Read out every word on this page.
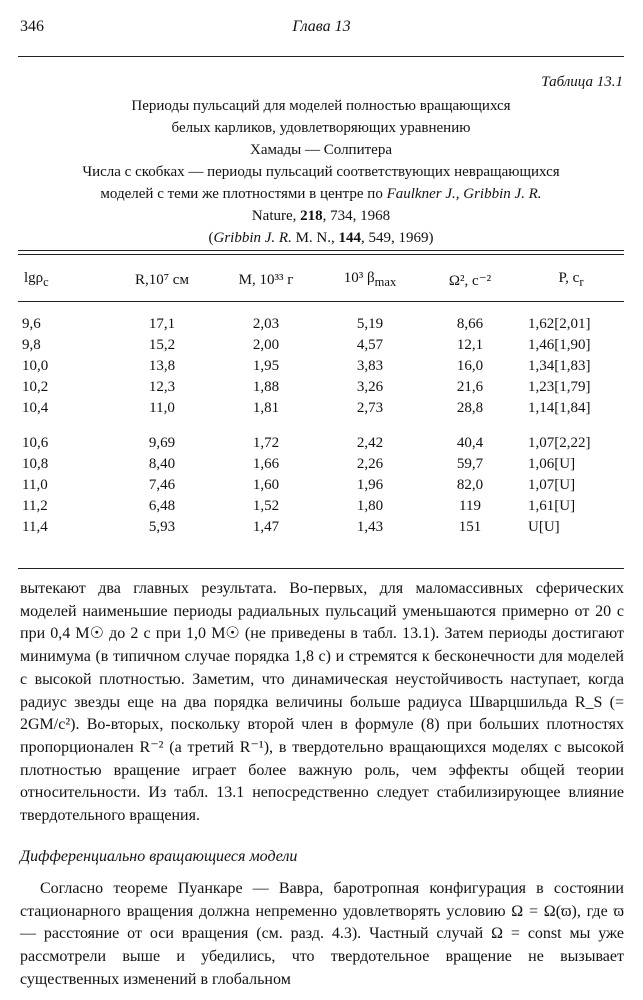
346	Глава 13
Таблица 13.1
Периоды пульсаций для моделей полностью вращающихся
белых карликов, удовлетворяющих уравнению
Хамады — Солпитера
Числа с скобках — периоды пульсаций соответствующих невращающихся
моделей с теми же плотностями в центре по Faulkner J., Gribbin J. R.
Nature, 218, 734, 1968
(Gribbin J. R. M. N., 144, 549, 1969)
lgρ$_c$	R,10⁷ см	M, 10³³ г	10³ $\beta_{max}$	Ω², с⁻²	P, $с_r$

9,6	17,1	2,03	5,19	8,66	1,62[2,01]
9,8	15,2	2,00	4,57	12,1	1,46[1,90]
10,0	13,8	1,95	3,83	16,0	1,34[1,83]
10,2	12,3	1,88	3,26	21,6	1,23[1,79]
10,4	11,0	1,81	2,73	28,8	1,14[1,84]

10,6	9,69	1,72	2,42	40,4	1,07[2,22]
10,8	8,40	1,66	2,26	59,7	1,06[U]
11,0	7,46	1,60	1,96	82,0	1,07[U]
11,2	6,48	1,52	1,80	119	1,61[U]
11,4	5,93	1,47	1,43	151	U[U]
вытекают два главных результата. Во-первых, для маломассивных сферических моделей наименьшие периоды радиальных пульсаций уменьшаются примерно от 20 с при 0,4 M☉ до 2 с при 1,0 M☉ (не приведены в табл. 13.1). Затем периоды достигают минимума (в типичном случае порядка 1,8 с) и стремятся к бесконечности для моделей с высокой плотностью. Заметим, что динамическая неустойчивость наступает, когда радиус звезды еще на два порядка величины больше радиуса Шварцшильда R_S (= 2GM/c²). Во-вторых, поскольку второй член в формуле (8) при больших плотностях пропорционален R⁻² (а третий R⁻¹), в твердотельно вращающихся моделях с высокой плотностью вращение играет более важную роль, чем эффекты общей теории относительности. Из табл. 13.1 непосредственно следует стабилизирующее влияние твердотельного вращения.
Дифференциально вращающиеся модели
Согласно теореме Пуанкаре — Вавра, баротропная конфигурация в состоянии стационарного вращения должна непременно удовлетворять условию Ω = Ω(ϖ), где ϖ — расстояние от оси вращения (см. разд. 4.3). Частный случай Ω = const мы уже рассмотрели выше и убедились, что твердотельное вращение не вызывает существенных изменений в глобальном
